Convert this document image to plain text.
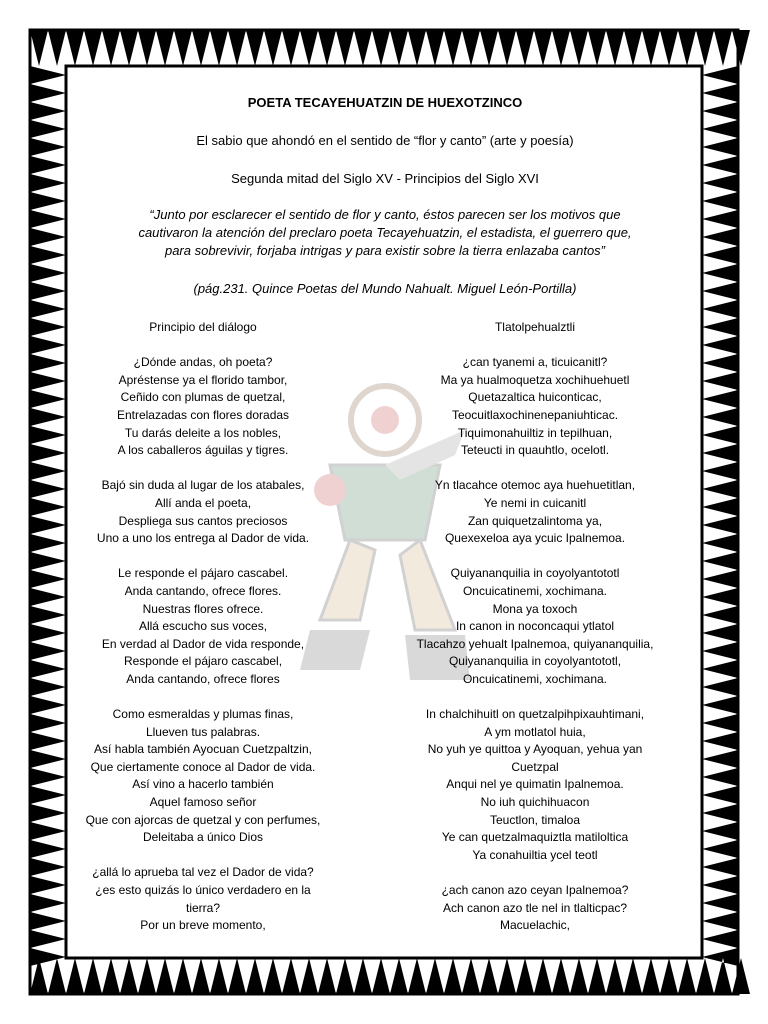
POETA TECAYEHUATZIN DE HUEXOTZINCO
El sabio que ahondó en el sentido de “flor y canto” (arte y poesía)
Segunda mitad del Siglo XV - Principios del Siglo XVI
“Junto por esclarecer el sentido de flor y canto, éstos parecen ser los motivos que
cautivaron la atención del preclaro poeta Tecayehuatzin, el estadista, el guerrero que,
para sobrevivir, forjaba intrigas y para existir sobre la tierra enlazaba cantos”
(pág.231. Quince Poetas del Mundo Nahualt. Miguel León-Portilla)
Principio del diálogo
¿Dónde andas, oh poeta?
Apréstense ya el florido tambor,
Ceñido con plumas de quetzal,
Entrelazadas con flores doradas
Tu darás deleite a los nobles,
A los caballeros águilas y tigres.
Bajó sin duda al lugar de los atabales,
Allí anda el poeta,
Despliega sus cantos preciosos
Uno a uno los entrega al Dador de vida.
Le responde el pájaro cascabel.
Anda cantando, ofrece flores.
Nuestras flores ofrece.
Allá escucho sus voces,
En verdad al Dador de vida responde,
Responde el pájaro cascabel,
Anda cantando, ofrece flores
Como esmeraldas y plumas finas,
Llueven tus palabras.
Así habla también Ayocuan Cuetzpaltzin,
Que ciertamente conoce al Dador de vida.
Así vino a hacerlo también
Aquel famoso señor
Que con ajorcas de quetzal y con perfumes,
Deleitaba a único Dios
¿allá lo aprueba tal vez el Dador de vida?
¿es esto quizás lo único verdadero en la
tierra?
Por un breve momento,
Tlatolpehualztli
¿can tyanemi a, ticuicanitl?
Ma ya hualmoquetza xochihuehuetl
Quetazaltica huiconticac,
Teocuitlaxochinenepaniuhticac.
Tiquimonahuiltiz in tepilhuan,
Teteucti in quauhtlo, ocelotl.
Yn tlacahce otemoc aya huehuetitlan,
Ye nemi in cuicanitl
Zan quiquetzalintoma ya,
Quexexeloa aya ycuic Ipalnemoa.
Quiyananquilia in coyolyantototl
Oncuicatinemi, xochimana.
Mona ya toxoch
In canon in noconcaqui ytlatol
Tlacahzo yehualt Ipalnemoa, quiyananquilia,
Quiyananquilia in coyolyantototl,
Oncuicatinemi, xochimana.
In chalchihuitl on quetzalpihpixauhtimani,
A ym motlatol huia,
No yuh ye quittoa y Ayoquan, yehua yan
Cuetzpal
Anqui nel ye quimatin Ipalnemoa.
No iuh quichihuacon
Teuctlon, timaloa
Ye can quetzalmaquiztla matiloltica
Ya conahuiltia ycel teotl
¿ach canon azo ceyan Ipalnemoa?
Ach canon azo tle nel in tlalticpac?
Macuelachic,
